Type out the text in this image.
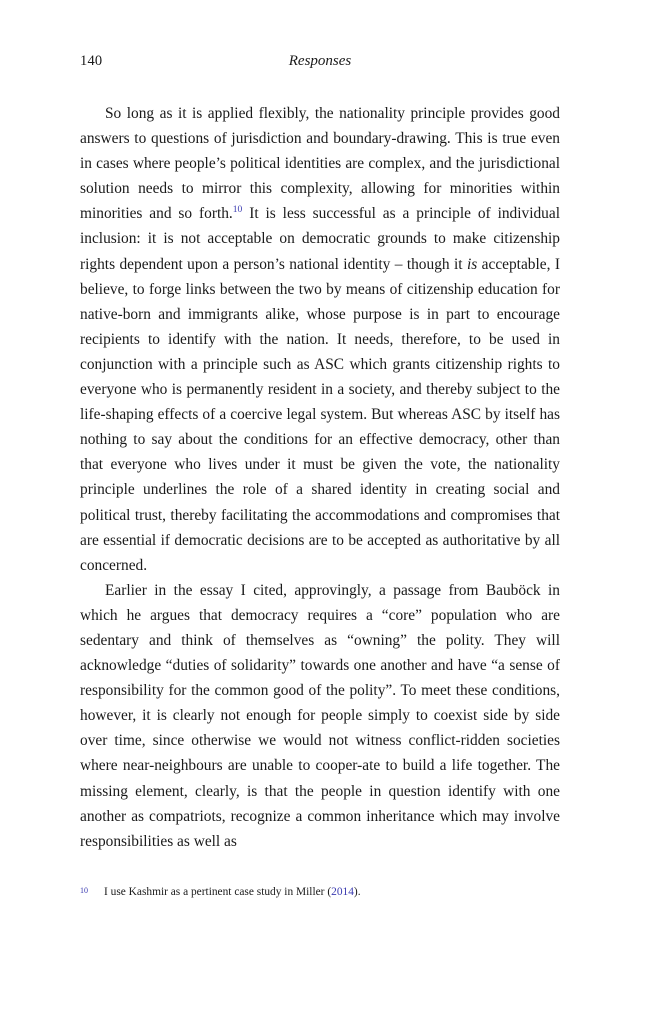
140	Responses

So long as it is applied flexibly, the nationality principle provides good answers to questions of jurisdiction and boundary-drawing. This is true even in cases where people’s political identities are complex, and the jurisdictional solution needs to mirror this complexity, allowing for minorities within minorities and so forth.$^{10}$ It is less successful as a principle of individual inclusion: it is not acceptable on democratic grounds to make citizenship rights dependent upon a person’s national identity – though it is acceptable, I believe, to forge links between the two by means of citizenship education for native-born and immigrants alike, whose purpose is in part to encourage recipients to identify with the nation. It needs, therefore, to be used in conjunction with a principle such as ASC which grants citizenship rights to everyone who is permanently resident in a society, and thereby subject to the life-shaping effects of a coercive legal system. But whereas ASC by itself has nothing to say about the conditions for an effective democracy, other than that everyone who lives under it must be given the vote, the nationality principle underlines the role of a shared identity in creating social and political trust, thereby facilitating the accommodations and compromises that are essential if democratic decisions are to be accepted as authoritative by all concerned.

Earlier in the essay I cited, approvingly, a passage from Bauböck in which he argues that democracy requires a “core” population who are sedentary and think of themselves as “owning” the polity. They will acknowledge “duties of solidarity” towards one another and have “a sense of responsibility for the common good of the polity”. To meet these conditions, however, it is clearly not enough for people simply to coexist side by side over time, since otherwise we would not witness conflict-ridden societies where near-neighbours are unable to cooper-ate to build a life together. The missing element, clearly, is that the people in question identify with one another as compatriots, recognize a common inheritance which may involve responsibilities as well as

10 I use Kashmir as a pertinent case study in Miller (2014).
